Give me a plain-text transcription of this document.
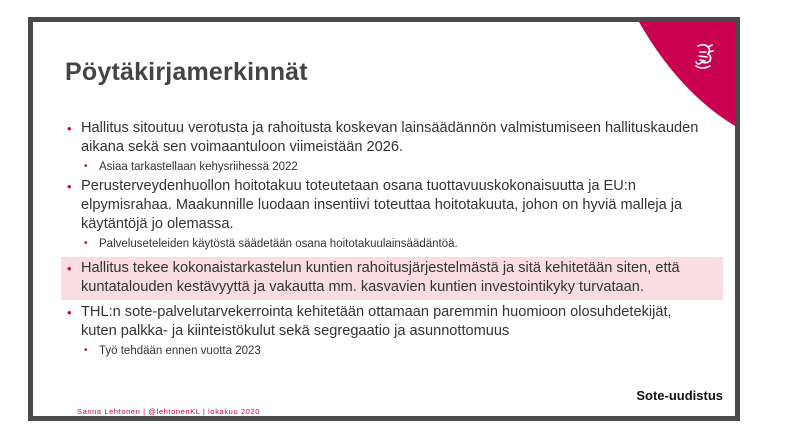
Pöytäkirjamerkinnät
• Hallitus sitoutuu verotusta ja rahoitusta koskevan lainsäädännön valmistumiseen hallituskauden aikana sekä sen voimaantuloon viimeistään 2026.
• Asiaa tarkastellaan kehysriihessä 2022
• Perusterveydenhuollon hoitotakuu toteutetaan osana tuottavuuskokonaisuutta ja EU:n elpymisrahaa. Maakunnille luodaan insentiivi toteuttaa hoitotakuuta, johon on hyviä malleja ja käytäntöjä jo olemassa.
• Palveluseteleiden käytöstä säädetään osana hoitotakuulainsäädäntöä.
• Hallitus tekee kokonaistarkastelun kuntien rahoitusjärjestelmästä ja sitä kehitetään siten, että kuntatalouden kestävyyttä ja vakautta mm. kasvavien kuntien investointikyky turvataan.
• THL:n sote-palvelutarvekerrointa kehitetään ottamaan paremmin huomioon olosuhdetekijät, kuten palkka- ja kiinteistökulut sekä segregaatio ja asunnottomuus
• Työ tehdään ennen vuotta 2023
Sote-uudistus
Sanna Lehtonen | @lehtonenKL | lokakuu 2020
